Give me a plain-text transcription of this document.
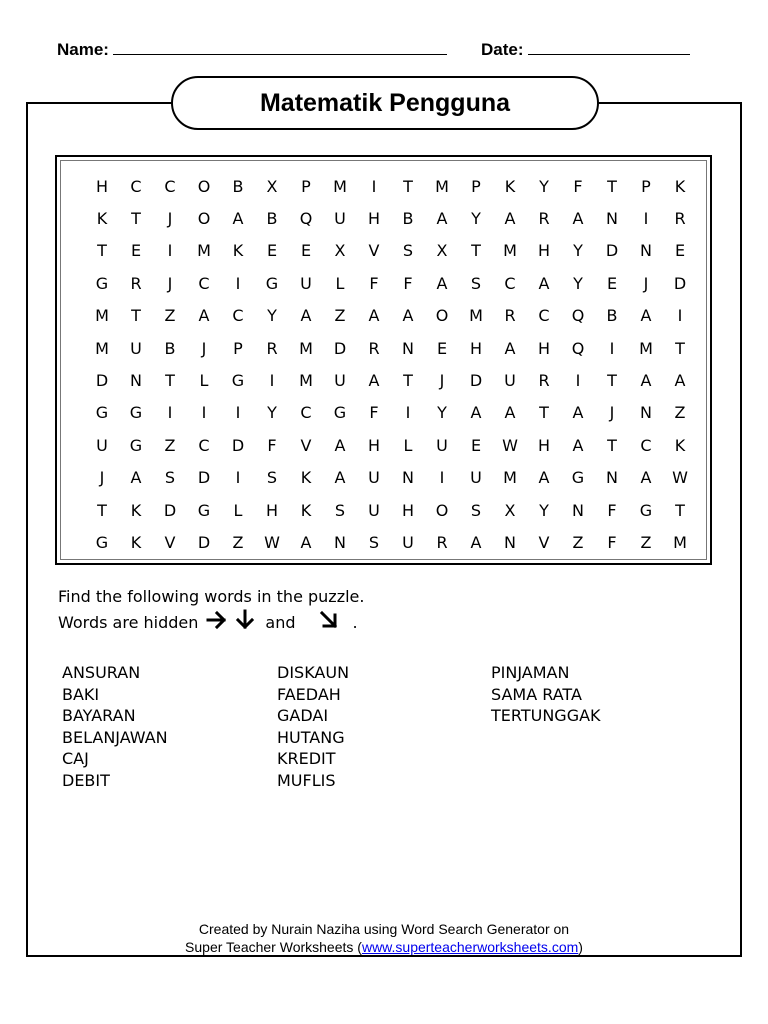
Name:	Date:
Matematik Pengguna
H	C	C	O	B	X	P	M	I	T	M	P	K	Y	F	T	P	K
K	T	J	O	A	B	Q	U	H	B	A	Y	A	R	A	N	I	R
T	E	I	M	K	E	E	X	V	S	X	T	M	H	Y	D	N	E
G	R	J	C	I	G	U	L	F	F	A	S	C	A	Y	E	J	D
M	T	Z	A	C	Y	A	Z	A	A	O	M	R	C	Q	B	A	I
M	U	B	J	P	R	M	D	R	N	E	H	A	H	Q	I	M	T
D	N	T	L	G	I	M	U	A	T	J	D	U	R	I	T	A	A
G	G	I	I	I	Y	C	G	F	I	Y	A	A	T	A	J	N	Z
U	G	Z	C	D	F	V	A	H	L	U	E	W	H	A	T	C	K
J	A	S	D	I	S	K	A	U	N	I	U	M	A	G	N	A	W
T	K	D	G	L	H	K	S	U	H	O	S	X	Y	N	F	G	T
G	K	V	D	Z	W	A	N	S	U	R	A	N	V	Z	F	Z	M
Find the following words in the puzzle.
Words are hidden	and	.
ANSURAN
BAKI
BAYARAN
BELANJAWAN
CAJ
DEBIT
DISKAUN
FAEDAH
GADAI
HUTANG
KREDIT
MUFLIS
PINJAMAN
SAMA RATA
TERTUNGGAK
Created by Nurain Naziha using Word Search Generator on
Super Teacher Worksheets (www.superteacherworksheets.com)
